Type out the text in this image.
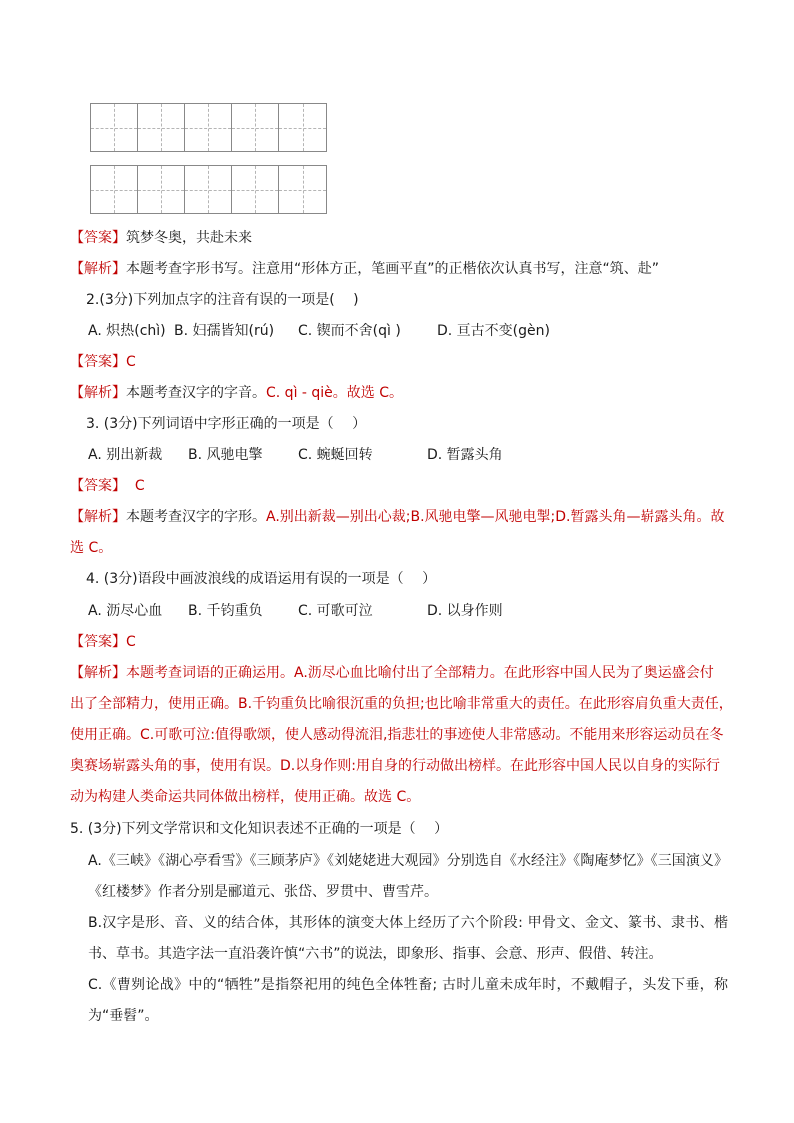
【答案】筑梦冬奥，共赴未来
【解析】本题考查字形书写。注意用“形体方正，笔画平直”的正楷依次认真书写，注意“筑、赴”
2.(3分)下列加点字的注音有误的一项是(　 )
A. 炽热(chì) B. 妇孺皆知(rú) C. 锲而不舍(qì )	D. 亘古不变(gèn)
【答案】C
【解析】本题考查汉字的字音。C. qì - qiè。故选 C。
3. (3分)下列词语中字形正确的一项是（　 ）
A. 别出新裁 B. 风驰电擎	C. 蜿蜒回转	D. 暂露头角
【答案】 C
【解析】本题考查汉字的字形。A.别出新裁—别出心裁;B.风驰电擎—风驰电掣;D.暂露头角—崭露头角。故
选 C。
4. (3分)语段中画波浪线的成语运用有误的一项是（　 ）
A. 沥尽心血 B. 千钧重负	C. 可歌可泣	D. 以身作则
【答案】C
【解析】本题考查词语的正确运用。A.沥尽心血比喻付出了全部精力。在此形容中国人民为了奥运盛会付
出了全部精力，使用正确。B.千钧重负比喻很沉重的负担;也比喻非常重大的责任。在此形容肩负重大责任，
使用正确。C.可歌可泣:值得歌颂，使人感动得流泪,指悲壮的事迹使人非常感动。不能用来形容运动员在冬
奥赛场崭露头角的事，使用有误。D.以身作则:用自身的行动做出榜样。在此形容中国人民以自身的实际行
动为构建人类命运共同体做出榜样，使用正确。故选 C。
5. (3分)下列文学常识和文化知识表述不正确的一项是（　 ）
A.《三峡》《湖心亭看雪》《三顾茅庐》《刘姥姥进大观园》分别选自《水经注》《陶庵梦忆》《三国演义》《红楼梦》作者分别是郦道元、张岱、罗贯中、曹雪芹。
B.汉字是形、音、义的结合体，其形体的演变大体上经历了六个阶段: 甲骨文、金文、篆书、隶书、楷书、草书。其造字法一直沿袭许慎“六书”的说法，即象形、指事、会意、形声、假借、转注。
C.《曹刿论战》中的“牺牲”是指祭祀用的纯色全体牲畜; 古时儿童未成年时，不戴帽子，头发下垂，称为“垂髫”。
